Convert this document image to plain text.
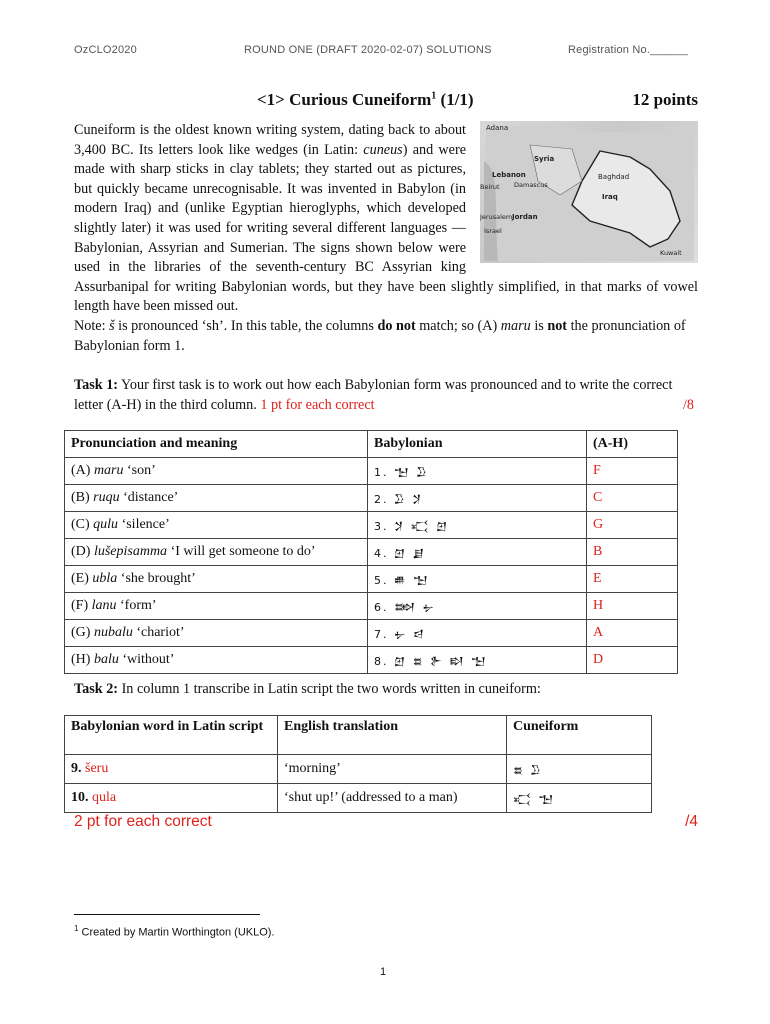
OzCLO2020	ROUND ONE (DRAFT 2020-02-07) SOLUTIONS	Registration No.______
<1> Curious Cuneiform$^1$ (1/1)	12 points
Adana
Syria
Lebanon
Beirut Damascus
Baghdad
Iraq
Jerusalem Jordan
Israel
Kuwait

Cuneiform is the oldest known writing system, dating back to about 3,400 BC. Its letters look like wedges (in Latin: cuneus) and were made with sharp sticks in clay tablets; they started out as pictures, but quickly became unrecognisable. It was invented in Babylon (in modern Iraq) and (unlike Egyptian hieroglyphs, which developed slightly later) it was used for writing several different languages — Babylonian, Assyrian and Sumerian. The signs shown below were used in the libraries of the seventh-century BC Assyrian king Assurbanipal for writing Babylonian words, but they have been slightly simplified, in that marks of vowel length have been missed out.

Note: š is pronounced ‘sh’. In this table, the columns do not match; so (A) maru is not the pronunciation of Babylonian form 1.

Task 1: Your first task is to work out how each Babylonian form was pronounced and to write the correct letter (A-H) in the third column. 1 pt for each correct	/8
Pronunciation and meaning	Babylonian	(A-H)
(A) maru ‘son’	1. 𒈠 𒊒	F
(B) ruqu ‘distance’	2. 𒊒 𒋡	C
(C) qulu ‘silence’	3. 𒋡 𒄣 𒇻	G
(D) lušepisamma ‘I will get someone to do’	4. 𒇻 𒋗	B
(E) ubla ‘she brought’	5. 𒌑 𒈠	E
(F) lanu ‘form’	6. 𒇷 𒉡	H
(G) nubalu ‘chariot’	7. 𒉡 𒁀	A
(H) balu ‘without’	8. 𒇻 𒊺 𒉿 𒊭 𒈠	D
Task 2: In column 1 transcribe in Latin script the two words written in cuneiform:
Babylonian word in Latin script	English translation	Cuneiform
9. šeru	‘morning’	𒊺 𒊒
10. qula	‘shut up!’ (addressed to a man)	𒄣 𒈠
2 pt for each correct	/4
$^1$ Created by Martin Worthington (UKLO).
1
